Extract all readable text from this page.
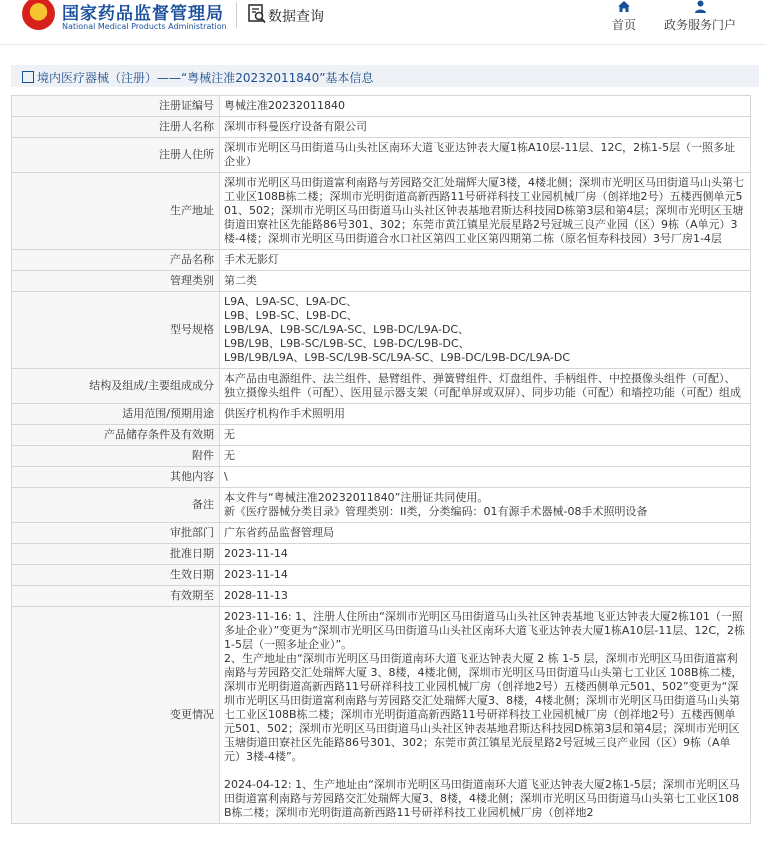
国家药品监督管理局
National Medical Products Administration
数据查询	首页 政务服务门户
境内医疗器械（注册）——“粤械注准20232011840”基本信息
注册证编号	粤械注准20232011840
注册人名称	深圳市科曼医疗设备有限公司
注册人住所	深圳市光明区马田街道马山头社区南环大道飞亚达钟表大厦1栋A10层-11层、12C，2栋1-5层（一照多址企业）
生产地址	深圳市光明区马田街道富利南路与芳园路交汇处瑞辉大厦3楼，4楼北侧；深圳市光明区马田街道马山头第七工业区108B栋二楼；深圳市光明街道高新西路11号研祥科技工业园机械厂房（创祥地2号）五楼西侧单元501、502；深圳市光明区马田街道马山头社区钟表基地君斯达科技园D栋第3层和第4层；深圳市光明区玉塘街道田寮社区先能路86号301、302；东莞市黄江镇星光辰星路2号冠城三良产业园（区）9栋（A单元）3楼-4楼；深圳市光明区马田街道合水口社区第四工业区第四期第二栋（原名恒寿科技园）3号厂房1-4层
产品名称	手术无影灯
管理类别	第二类
型号规格	L9A、L9A-SC、L9A-DC、
L9B、L9B-SC、L9B-DC、
L9B/L9A、L9B-SC/L9A-SC、L9B-DC/L9A-DC、
L9B/L9B、L9B-SC/L9B-SC、L9B-DC/L9B-DC、
L9B/L9B/L9A、L9B-SC/L9B-SC/L9A-SC、L9B-DC/L9B-DC/L9A-DC
结构及组成/主要组成成分	本产品由电源组件、法兰组件、悬臂组件、弹簧臂组件、灯盘组件、手柄组件、中控摄像头组件（可配）、独立摄像头组件（可配）、医用显示器支架（可配单屏或双屏）、同步功能（可配）和墙控功能（可配）组成
适用范围/预期用途	供医疗机构作手术照明用
产品储存条件及有效期	无
附件	无
其他内容	\
备注	本文件与“粤械注准20232011840”注册证共同使用。
新《医疗器械分类目录》管理类别：II类，分类编码：01有源手术器械-08手术照明设备
审批部门	广东省药品监督管理局
批准日期	2023-11-14
生效日期	2023-11-14
有效期至	2028-11-13
变更情况	2023-11-16: 1、注册人住所由“深圳市光明区马田街道马山头社区钟表基地飞亚达钟表大厦2栋101（一照多址企业）”变更为“深圳市光明区马田街道马山头社区南环大道飞亚达钟表大厦1栋A10层-11层、12C，2栋1-5层（一照多址企业）”。
2、生产地址由“深圳市光明区马田街道南环大道飞亚达钟表大厦 2 栋 1-5 层，深圳市光明区马田街道富利南路与芳园路交汇处瑞辉大厦 3、8楼，4楼北侧，深圳市光明区马田街道马山头第七工业区 108B栋二楼，深圳市光明街道高新西路11号研祥科技工业园机械厂房（创祥地2号）五楼西侧单元501、502”变更为“深圳市光明区马田街道富利南路与芳园路交汇处瑞辉大厦3、8楼，4楼北侧；深圳市光明区马田街道马山头第七工业区108B栋二楼；深圳市光明街道高新西路11号研祥科技工业园机械厂房（创祥地2号）五楼西侧单元501、502；深圳市光明区马田街道马山头社区钟表基地君斯达科技园D栋第3层和第4层；深圳市光明区玉塘街道田寮社区先能路86号301、302；东莞市黄江镇星光辰星路2号冠城三良产业园（区）9栋（A单元）3楼-4楼”。

2024-04-12: 1、生产地址由“深圳市光明区马田街道南环大道飞亚达钟表大厦2栋1-5层；深圳市光明区马田街道富利南路与芳园路交汇处瑞辉大厦3、8楼，4楼北侧；深圳市光明区马田街道马山头第七工业区108B栋二楼；深圳市光明街道高新西路11号研祥科技工业园机械厂房（创祥地2
